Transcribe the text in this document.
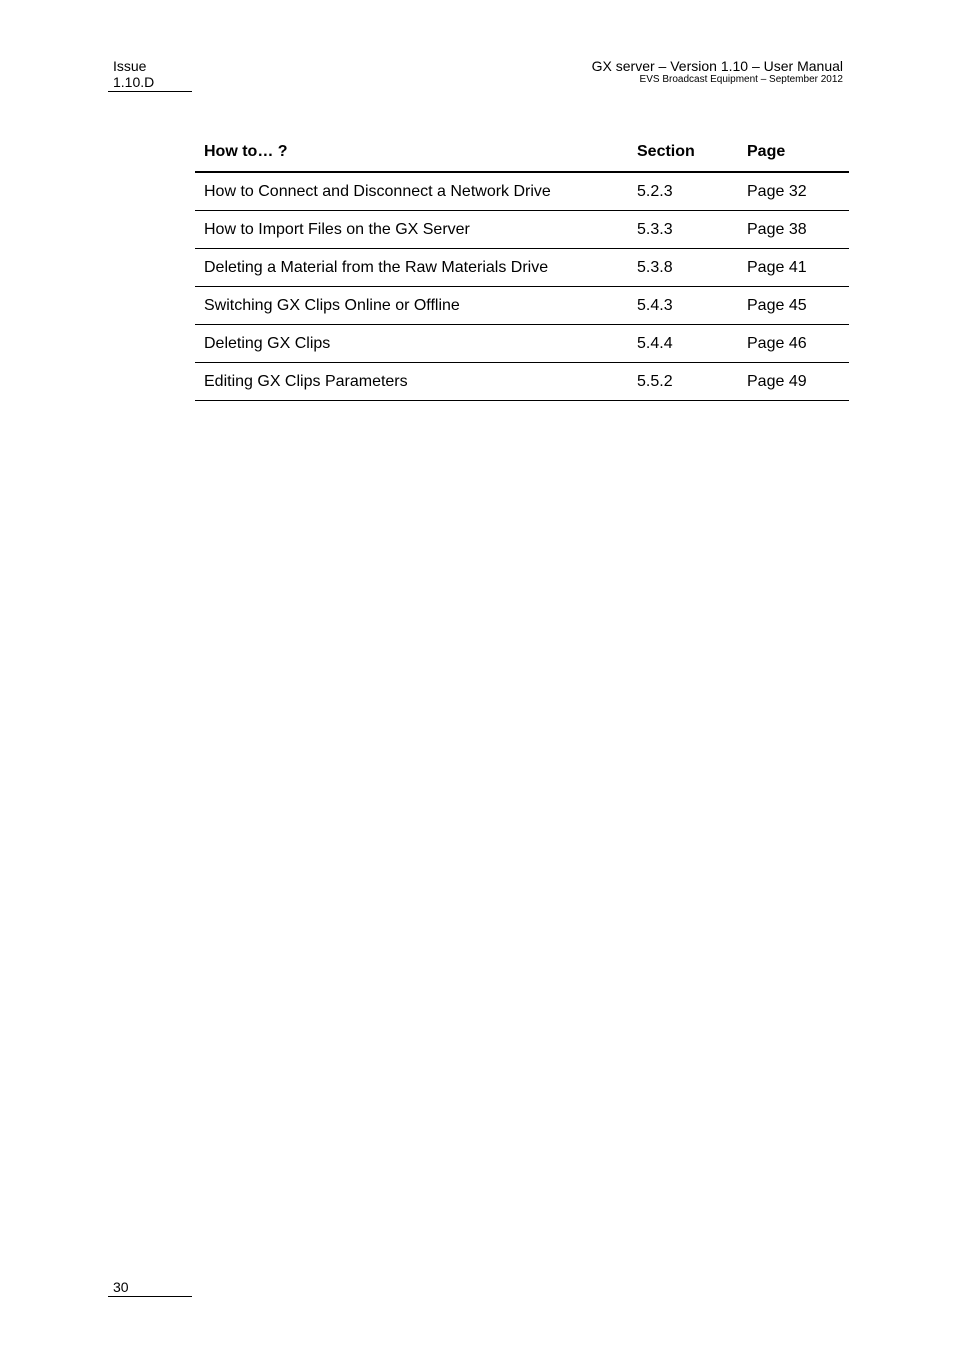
Issue
1.10.D
GX server – Version 1.10 – User Manual
EVS Broadcast Equipment – September 2012
How to… ?	Section	Page
How to Connect and Disconnect a Network Drive	5.2.3	Page 32
How to Import Files on the GX Server	5.3.3	Page 38
Deleting a Material from the Raw Materials Drive	5.3.8	Page 41
Switching GX Clips Online or Offline	5.4.3	Page 45
Deleting GX Clips	5.4.4	Page 46
Editing GX Clips Parameters	5.5.2	Page 49
30
